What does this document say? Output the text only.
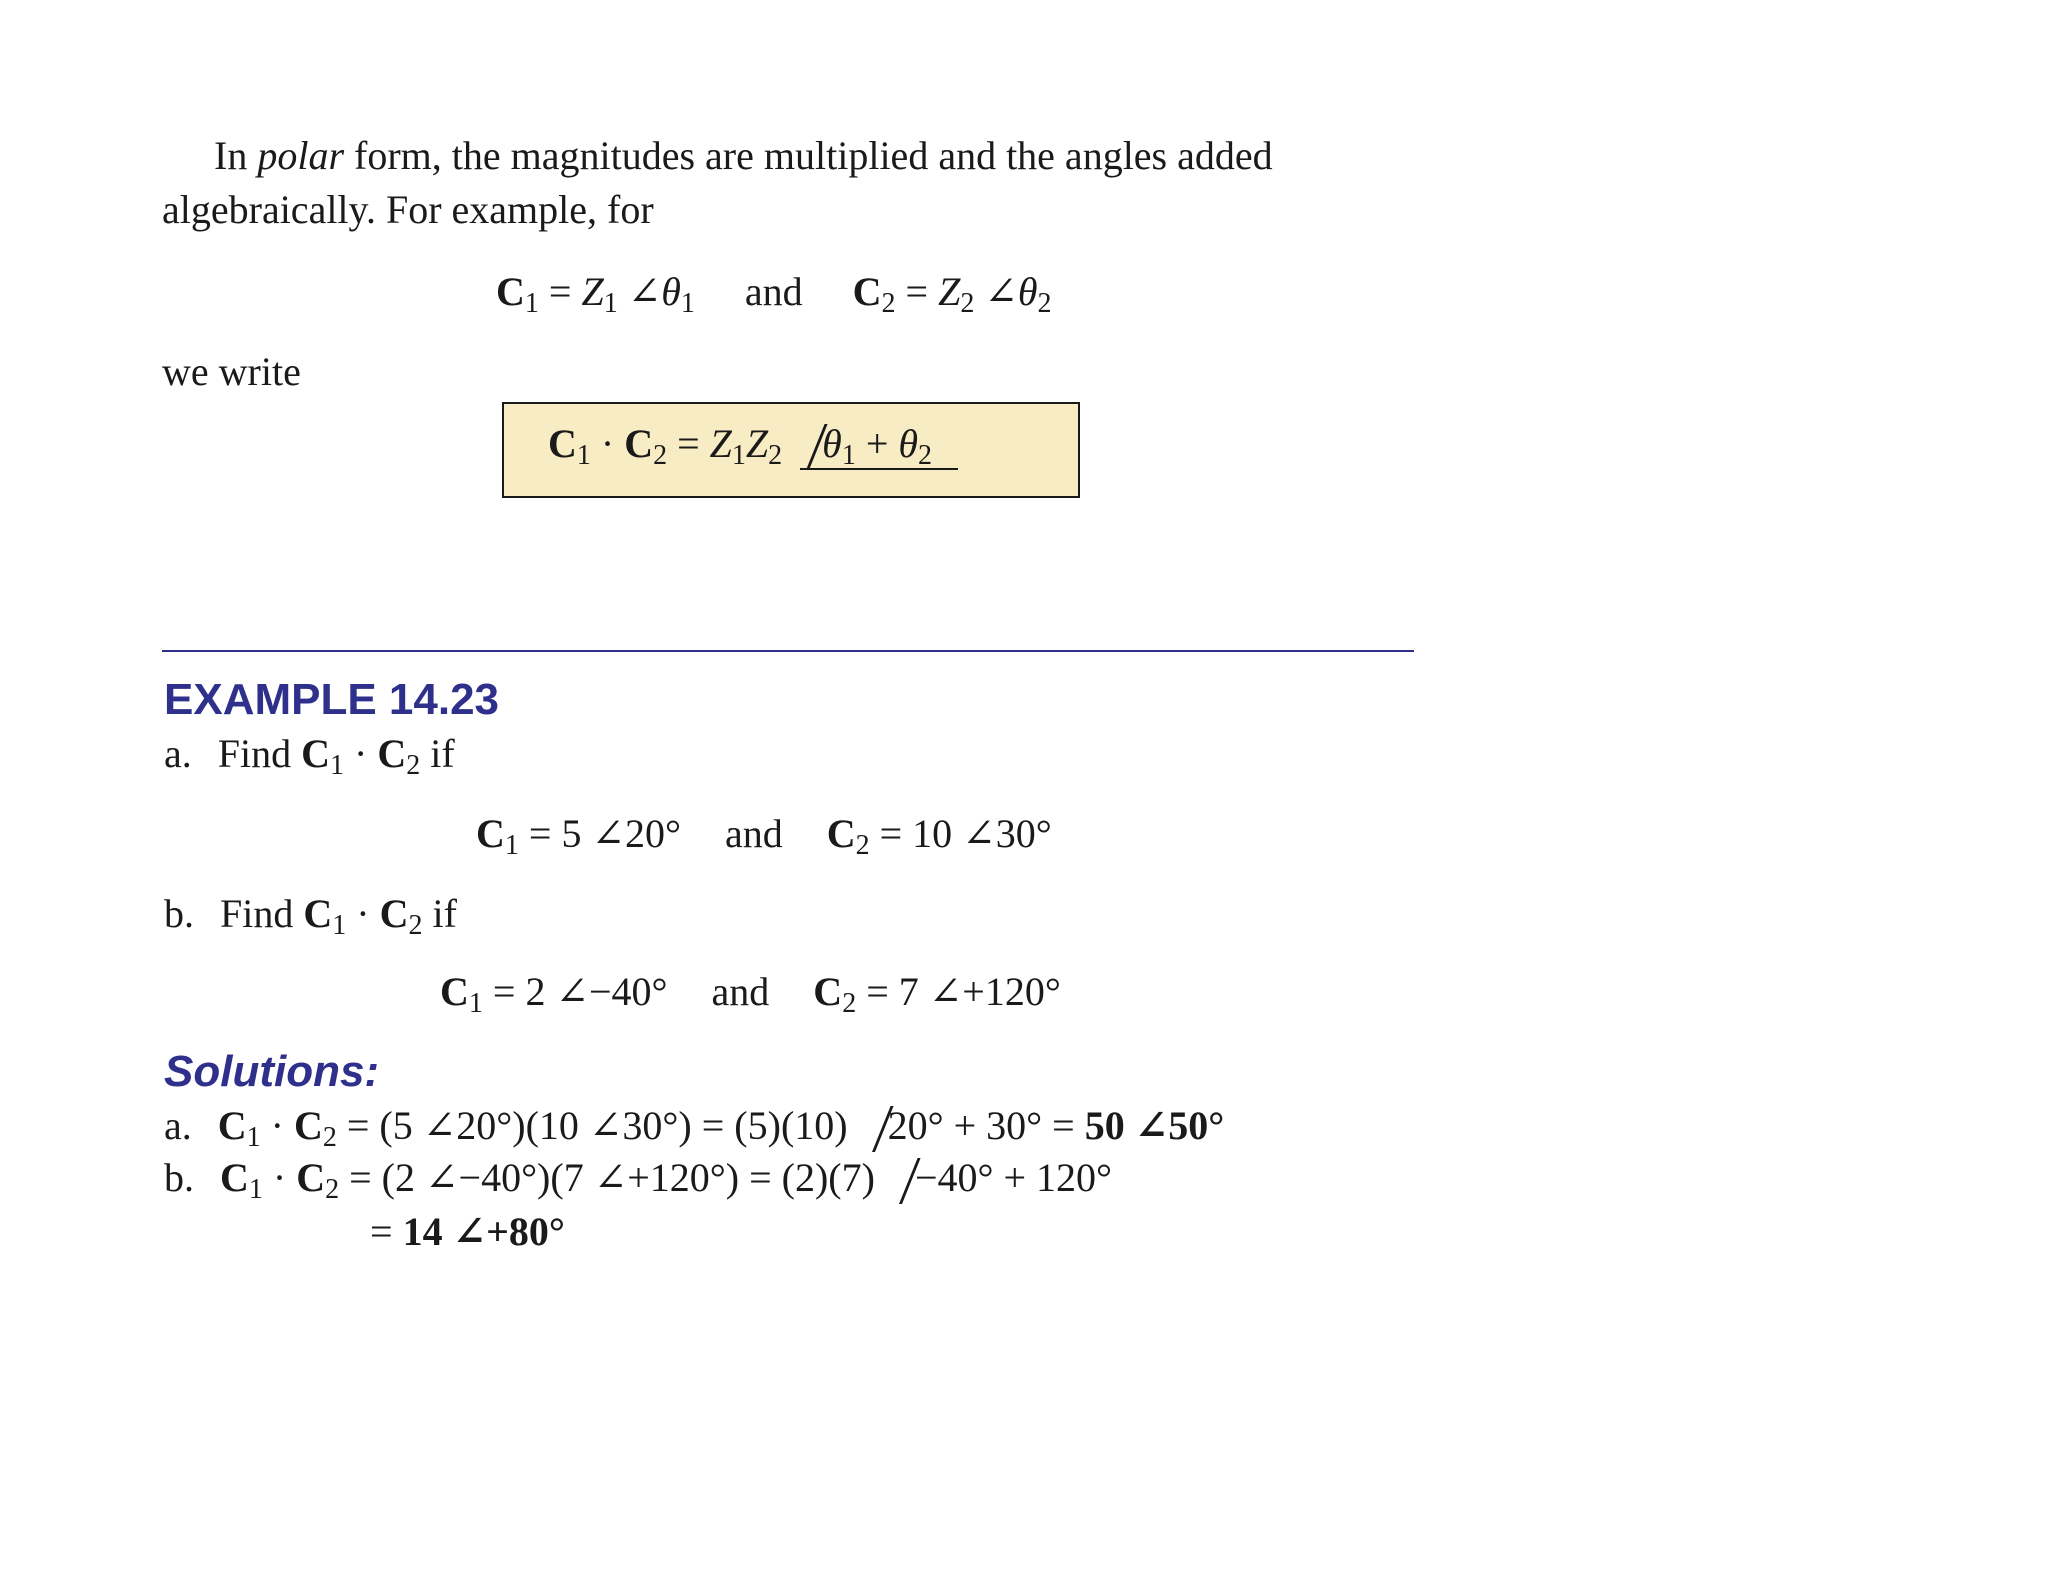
In polar form, the magnitudes are multiplied and the angles added
algebraically. For example, for
$C_1 = Z_1$ $\angle\theta_1$ and $C_2 = Z_2$ $\angle\theta_2$
we write
$C_1 \cdot C_2 = Z_1Z_2$ $\theta_1 + \theta_2$
EXAMPLE 14.23
a. Find $C_1 \cdot C_2$ if
$C_1 = 5$ ∠20° and $C_2 = 10$ ∠30°
b. Find $C_1 \cdot C_2$ if
$C_1 = 2$ ∠−40° and $C_2 = 7$ ∠+120°
Solutions:
a. $C_1 \cdot C_2 = (5$ ∠20°)(10 ∠30°) = (5)(10) 20° + 30° = 50 ∠50°
b. $C_1 \cdot C_2 = (2$ ∠−40°)(7 ∠+120°) = (2)(7) −40° + 120°
= 14 ∠+80°
